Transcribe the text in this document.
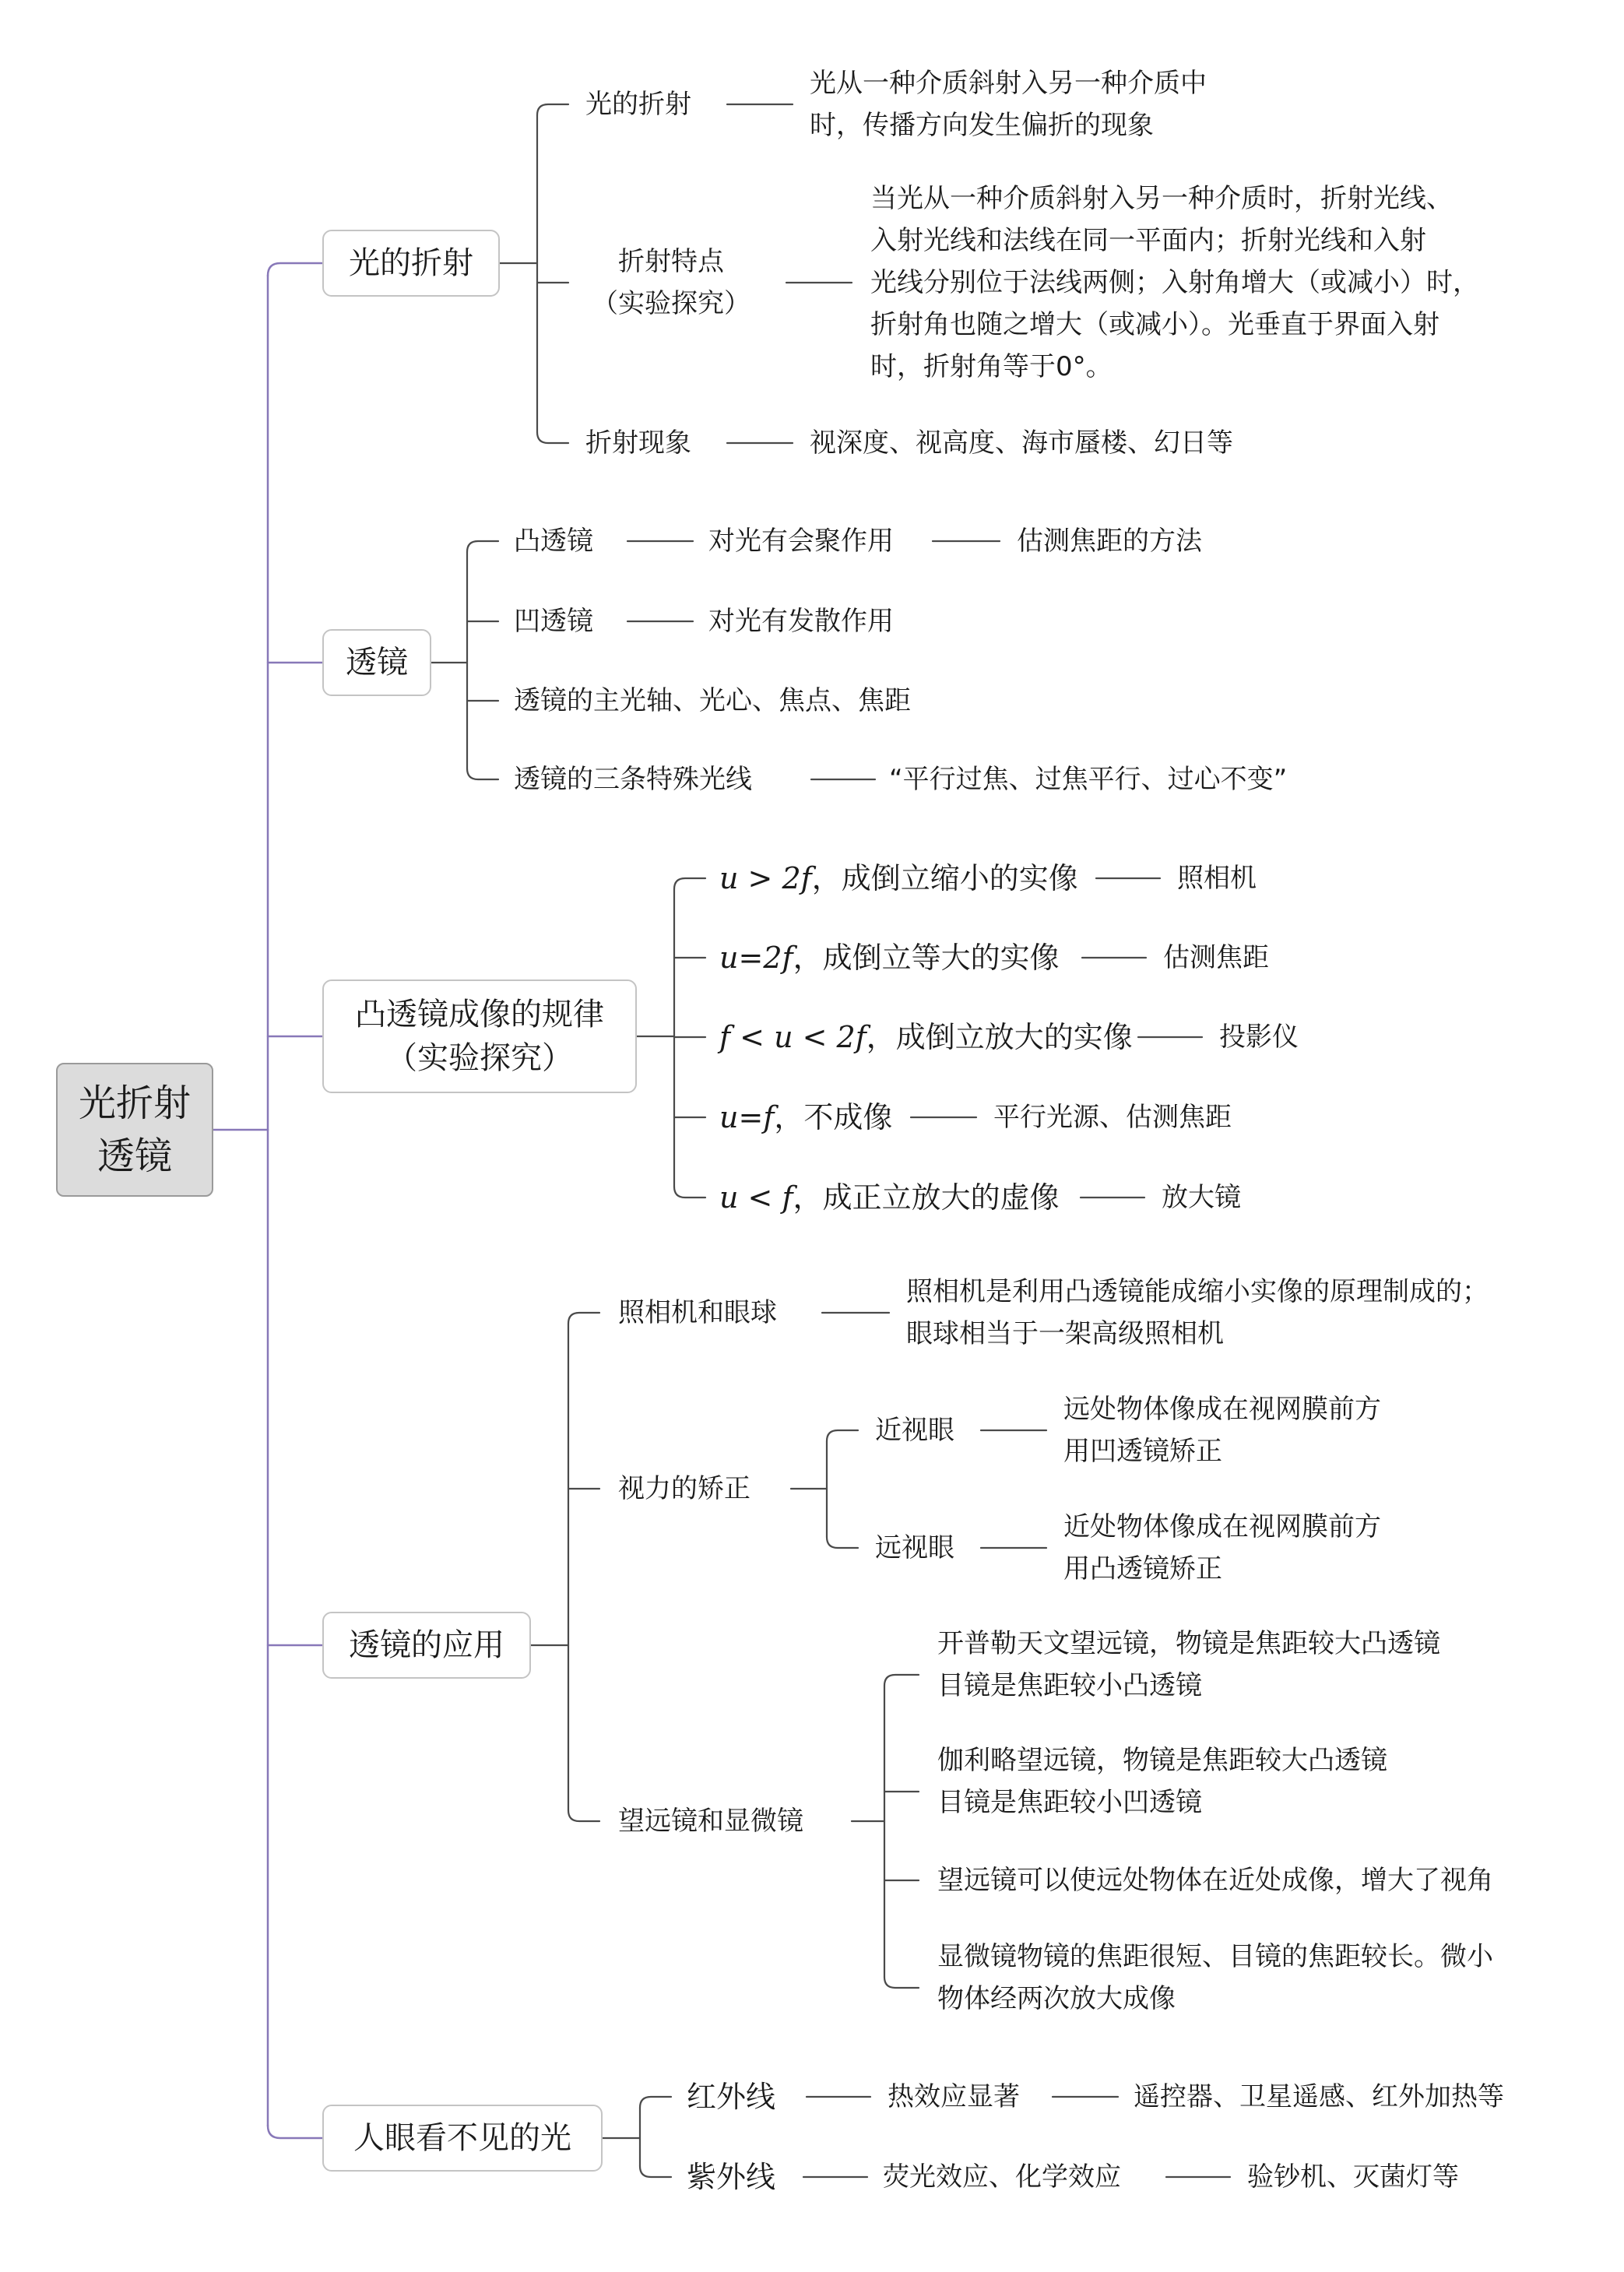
光折射
透镜
光的折射
光的折射
光从一种介质斜射入另一种介质中
时，传播方向发生偏折的现象
折射特点
（实验探究）
当光从一种介质斜射入另一种介质时，折射光线、
入射光线和法线在同一平面内；折射光线和入射
光线分别位于法线两侧；入射角增大（或减小）时，
折射角也随之增大（或减小）。光垂直于界面入射
时，折射角等于0°。
折射现象	视深度、视高度、海市蜃楼、幻日等
透镜
凸透镜	对光有会聚作用	估测焦距的方法
凹透镜	对光有发散作用
透镜的主光轴、光心、焦点、焦距
透镜的三条特殊光线	“平行过焦、过焦平行、过心不变”
凸透镜成像的规律
（实验探究）
u > 2f，成倒立缩小的实像	照相机
u=2f，成倒立等大的实像	估测焦距
f < u < 2f，成倒立放大的实像	投影仪
u=f，不成像	平行光源、估测焦距
u < f，成正立放大的虚像	放大镜
透镜的应用
照相机和眼球
照相机是利用凸透镜能成缩小实像的原理制成的；
眼球相当于一架高级照相机
视力的矫正
近视眼
远处物体像成在视网膜前方
用凹透镜矫正
远视眼
近处物体像成在视网膜前方
用凸透镜矫正
望远镜和显微镜
开普勒天文望远镜，物镜是焦距较大凸透镜
目镜是焦距较小凸透镜
伽利略望远镜，物镜是焦距较大凸透镜
目镜是焦距较小凹透镜
望远镜可以使远处物体在近处成像，增大了视角
显微镜物镜的焦距很短、目镜的焦距较长。微小
物体经两次放大成像
人眼看不见的光
红外线	热效应显著	遥控器、卫星遥感、红外加热等
紫外线	荧光效应、化学效应	验钞机、灭菌灯等
